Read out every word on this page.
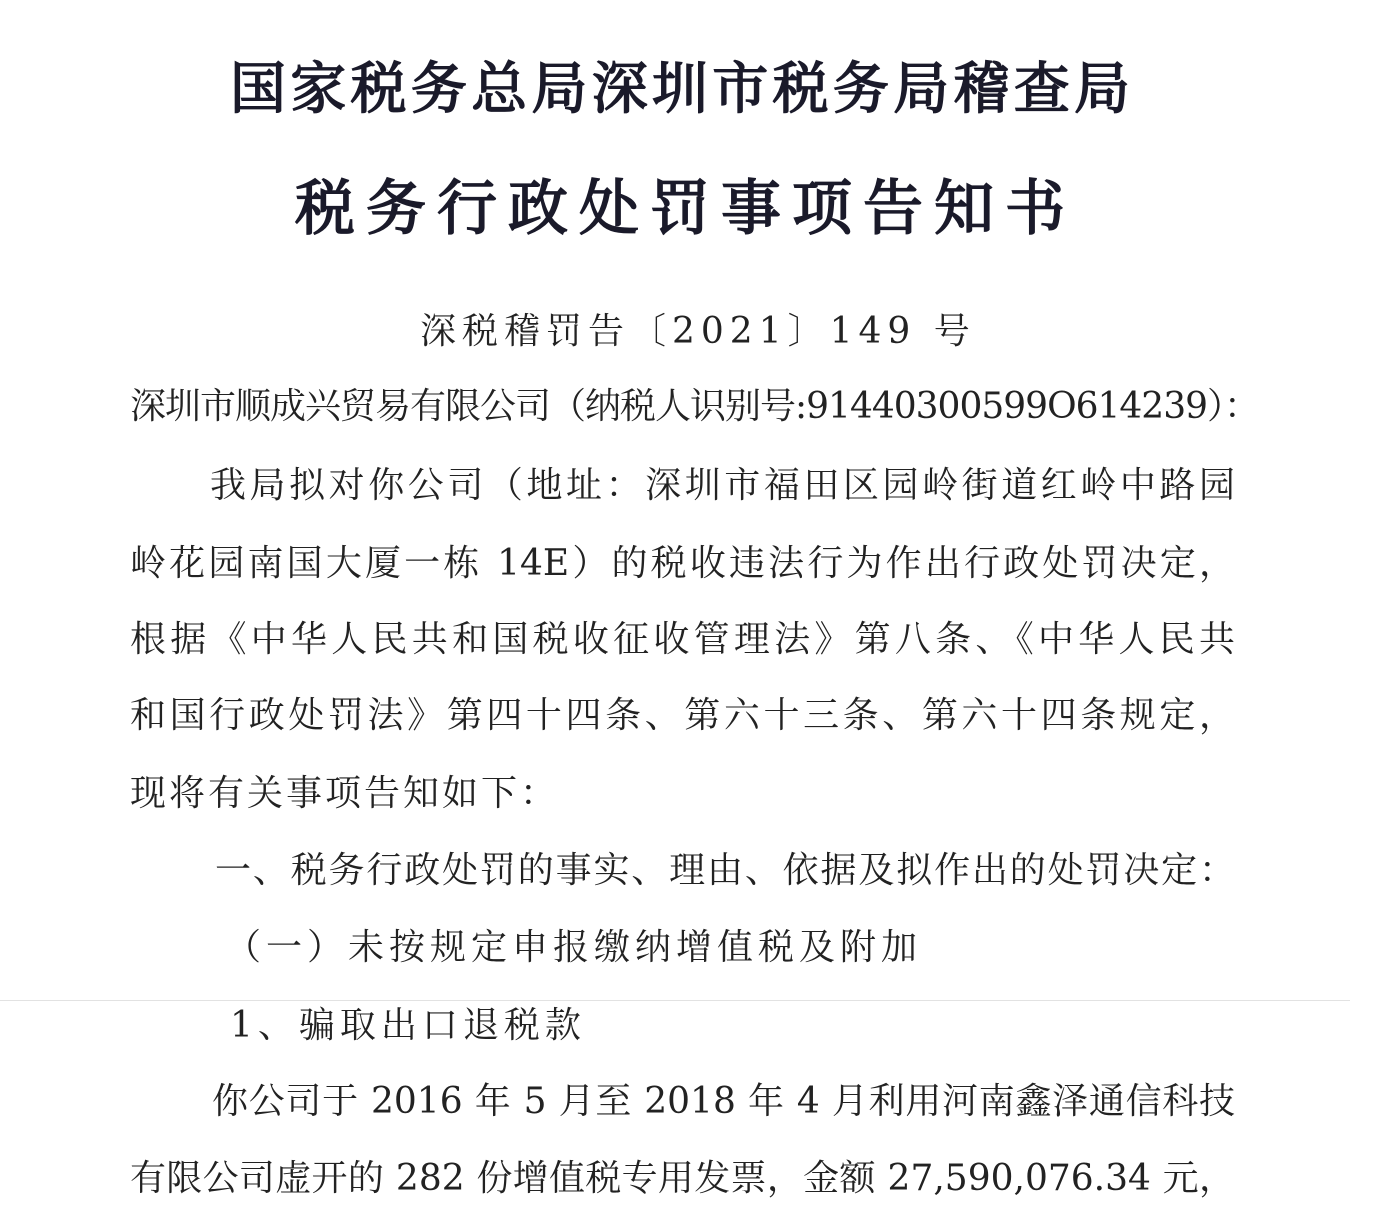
国家税务总局深圳市税务局稽查局
税务行政处罚事项告知书
深税稽罚告〔2021〕149 号
深圳市顺成兴贸易有限公司（纳税人识别号:91440300599O614239）：
我局拟对你公司（地址：深圳市福田区园岭街道红岭中路园
岭花园南国大厦一栋 14E）的税收违法行为作出行政处罚决定，
根据《中华人民共和国税收征收管理法》第八条、《中华人民共
和国行政处罚法》第四十四条、第六十三条、第六十四条规定，
现将有关事项告知如下：
一、税务行政处罚的事实、理由、依据及拟作出的处罚决定：
（一）未按规定申报缴纳增值税及附加
1、骗取出口退税款
你公司于 2016 年 5 月至 2018 年 4 月利用河南鑫泽通信科技
有限公司虚开的 282 份增值税专用发票，金额 27,590,076.34 元，
